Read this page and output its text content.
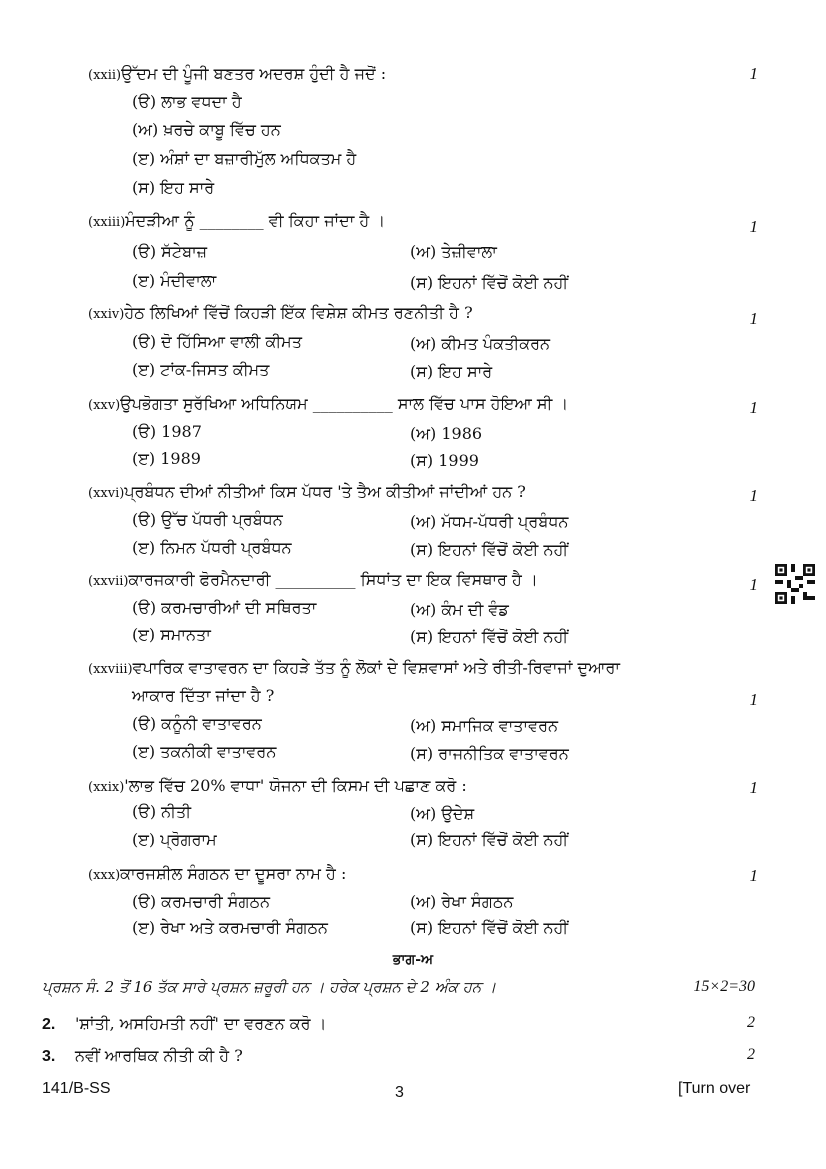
(xxii)ਉੱਦਮ ਦੀ ਪੂੰਜੀ ਬਣਤਰ ਅਦਰਸ਼ ਹੁੰਦੀ ਹੈ ਜਦੋਂ :	1
(ੳ) ਲਾਭ ਵਧਦਾ ਹੈ
(ਅ) ਖ਼ਰਚੇ ਕਾਬੂ ਵਿੱਚ ਹਨ
(ੲ) ਅੰਸ਼ਾਂ ਦਾ ਬਜ਼ਾਰੀਮੁੱਲ ਅਧਿਕਤਮ ਹੈ
(ਸ) ਇਹ ਸਾਰੇ
(xxiii)ਮੰਦੜੀਆ ਨੂੰ ________ ਵੀ ਕਿਹਾ ਜਾਂਦਾ ਹੈ ।	1
(ੳ) ਸੱਟੇਬਾਜ਼	(ਅ) ਤੇਜ਼ੀਵਾਲਾ
(ੲ) ਮੰਦੀਵਾਲਾ	(ਸ) ਇਹਨਾਂ ਵਿੱਚੋਂ ਕੋਈ ਨਹੀਂ
(xxiv)ਹੇਠ ਲਿਖਿਆਂ ਵਿੱਚੋਂ ਕਿਹੜੀ ਇੱਕ ਵਿਸ਼ੇਸ਼ ਕੀਮਤ ਰਣਨੀਤੀ ਹੈ ?	1
(ੳ) ਦੋ ਹਿੱਸਿਆ ਵਾਲੀ ਕੀਮਤ	(ਅ) ਕੀਮਤ ਪੰਕਤੀਕਰਨ
(ੲ) ਟਾਂਕ-ਜਿਸਤ ਕੀਮਤ	(ਸ) ਇਹ ਸਾਰੇ
(xxv)ਉਪਭੋਗਤਾ ਸੁਰੱਖਿਆ ਅਧਿਨਿਯਮ __________ ਸਾਲ ਵਿੱਚ ਪਾਸ ਹੋਇਆ ਸੀ ।	1
(ੳ) 1987	(ਅ) 1986
(ੲ) 1989	(ਸ) 1999
(xxvi)ਪ੍ਰਬੰਧਨ ਦੀਆਂ ਨੀਤੀਆਂ ਕਿਸ ਪੱਧਰ 'ਤੇ ਤੈਅ ਕੀਤੀਆਂ ਜਾਂਦੀਆਂ ਹਨ ?	1
(ੳ) ਉੱਚ ਪੱਧਰੀ ਪ੍ਰਬੰਧਨ	(ਅ) ਮੱਧਮ-ਪੱਧਰੀ ਪ੍ਰਬੰਧਨ
(ੲ) ਨਿਮਨ ਪੱਧਰੀ ਪ੍ਰਬੰਧਨ	(ਸ) ਇਹਨਾਂ ਵਿੱਚੋਂ ਕੋਈ ਨਹੀਂ
(xxvii)ਕਾਰਜਕਾਰੀ ਫੋਰਮੈਨਦਾਰੀ __________ ਸਿਧਾਂਤ ਦਾ ਇਕ ਵਿਸਥਾਰ ਹੈ ।	1
(ੳ) ਕਰਮਚਾਰੀਆਂ ਦੀ ਸਥਿਰਤਾ	(ਅ) ਕੰਮ ਦੀ ਵੰਡ
(ੲ) ਸਮਾਨਤਾ	(ਸ) ਇਹਨਾਂ ਵਿੱਚੋਂ ਕੋਈ ਨਹੀਂ
(xxviii)ਵਪਾਰਿਕ ਵਾਤਾਵਰਨ ਦਾ ਕਿਹੜੇ ਤੱਤ ਨੂੰ ਲੋਕਾਂ ਦੇ ਵਿਸ਼ਵਾਸਾਂ ਅਤੇ ਰੀਤੀ-ਰਿਵਾਜਾਂ ਦੁਆਰਾ
ਆਕਾਰ ਦਿੱਤਾ ਜਾਂਦਾ ਹੈ ?	1
(ੳ) ਕਨੂੰਨੀ ਵਾਤਾਵਰਨ	(ਅ) ਸਮਾਜਿਕ ਵਾਤਾਵਰਨ
(ੲ) ਤਕਨੀਕੀ ਵਾਤਾਵਰਨ	(ਸ) ਰਾਜਨੀਤਿਕ ਵਾਤਾਵਰਨ
(xxix)'ਲਾਭ ਵਿੱਚ 20% ਵਾਧਾ' ਯੋਜਨਾ ਦੀ ਕਿਸਮ ਦੀ ਪਛਾਣ ਕਰੋ :	1
(ੳ) ਨੀਤੀ	(ਅ) ਉਦੇਸ਼
(ੲ) ਪ੍ਰੋਗਰਾਮ	(ਸ) ਇਹਨਾਂ ਵਿੱਚੋਂ ਕੋਈ ਨਹੀਂ
(xxx)ਕਾਰਜਸ਼ੀਲ ਸੰਗਠਨ ਦਾ ਦੂਸਰਾ ਨਾਮ ਹੈ :	1
(ੳ) ਕਰਮਚਾਰੀ ਸੰਗਠਨ	(ਅ) ਰੇਖਾ ਸੰਗਠਨ
(ੲ) ਰੇਖਾ ਅਤੇ ਕਰਮਚਾਰੀ ਸੰਗਠਨ	(ਸ) ਇਹਨਾਂ ਵਿੱਚੋਂ ਕੋਈ ਨਹੀਂ
ਭਾਗ-ਅ
ਪ੍ਰਸ਼ਨ ਸੰ. 2 ਤੋਂ 16 ਤੱਕ ਸਾਰੇ ਪ੍ਰਸ਼ਨ ਜ਼ਰੂਰੀ ਹਨ । ਹਰੇਕ ਪ੍ਰਸ਼ਨ ਦੇ 2 ਅੰਕ ਹਨ ।	15×2=30
2. 'ਸ਼ਾਂਤੀ, ਅਸਹਿਮਤੀ ਨਹੀਂ' ਦਾ ਵਰਣਨ ਕਰੋ ।	2
3. ਨਵੀਂ ਆਰਥਿਕ ਨੀਤੀ ਕੀ ਹੈ ?	2
141/B-SS	3	[Turn over
